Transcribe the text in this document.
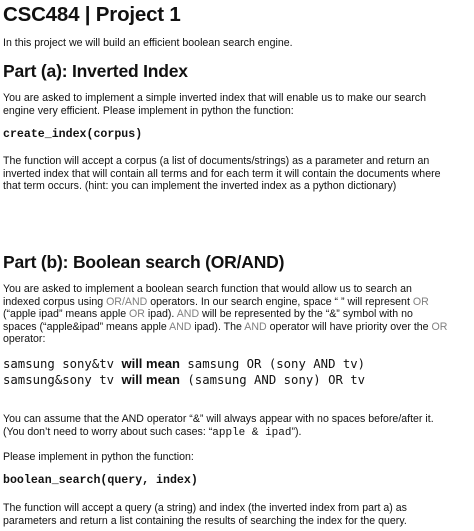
CSC484 | Project 1
In this project we will build an efficient boolean search engine.
Part (a): Inverted Index
You are asked to implement a simple inverted index that will enable us to make our search
engine very efficient. Please implement in python the function:
create_index(corpus)
The function will accept a corpus (a list of documents/strings) as a parameter and return an
inverted index that will contain all terms and for each term it will contain the documents where
that term occurs. (hint: you can implement the inverted index as a python dictionary)
Part (b): Boolean search (OR/AND)
You are asked to implement a boolean search function that would allow us to search an
indexed corpus using OR/AND operators. In our search engine, space “ ” will represent OR
(“apple ipad” means apple OR ipad). AND will be represented by the “&” symbol with no
spaces (“apple&ipad” means apple AND ipad). The AND operator will have priority over the OR
operator:
samsung sony&tv will mean samsung OR (sony AND tv)
samsung&sony tv will mean (samsung AND sony) OR tv
You can assume that the AND operator “&” will always appear with no spaces before/after it.
(You don’t need to worry about such cases: “apple & ipad”).
Please implement in python the function:
boolean_search(query, index)
The function will accept a query (a string) and index (the inverted index from part a) as
parameters and return a list containing the results of searching the index for the query.
